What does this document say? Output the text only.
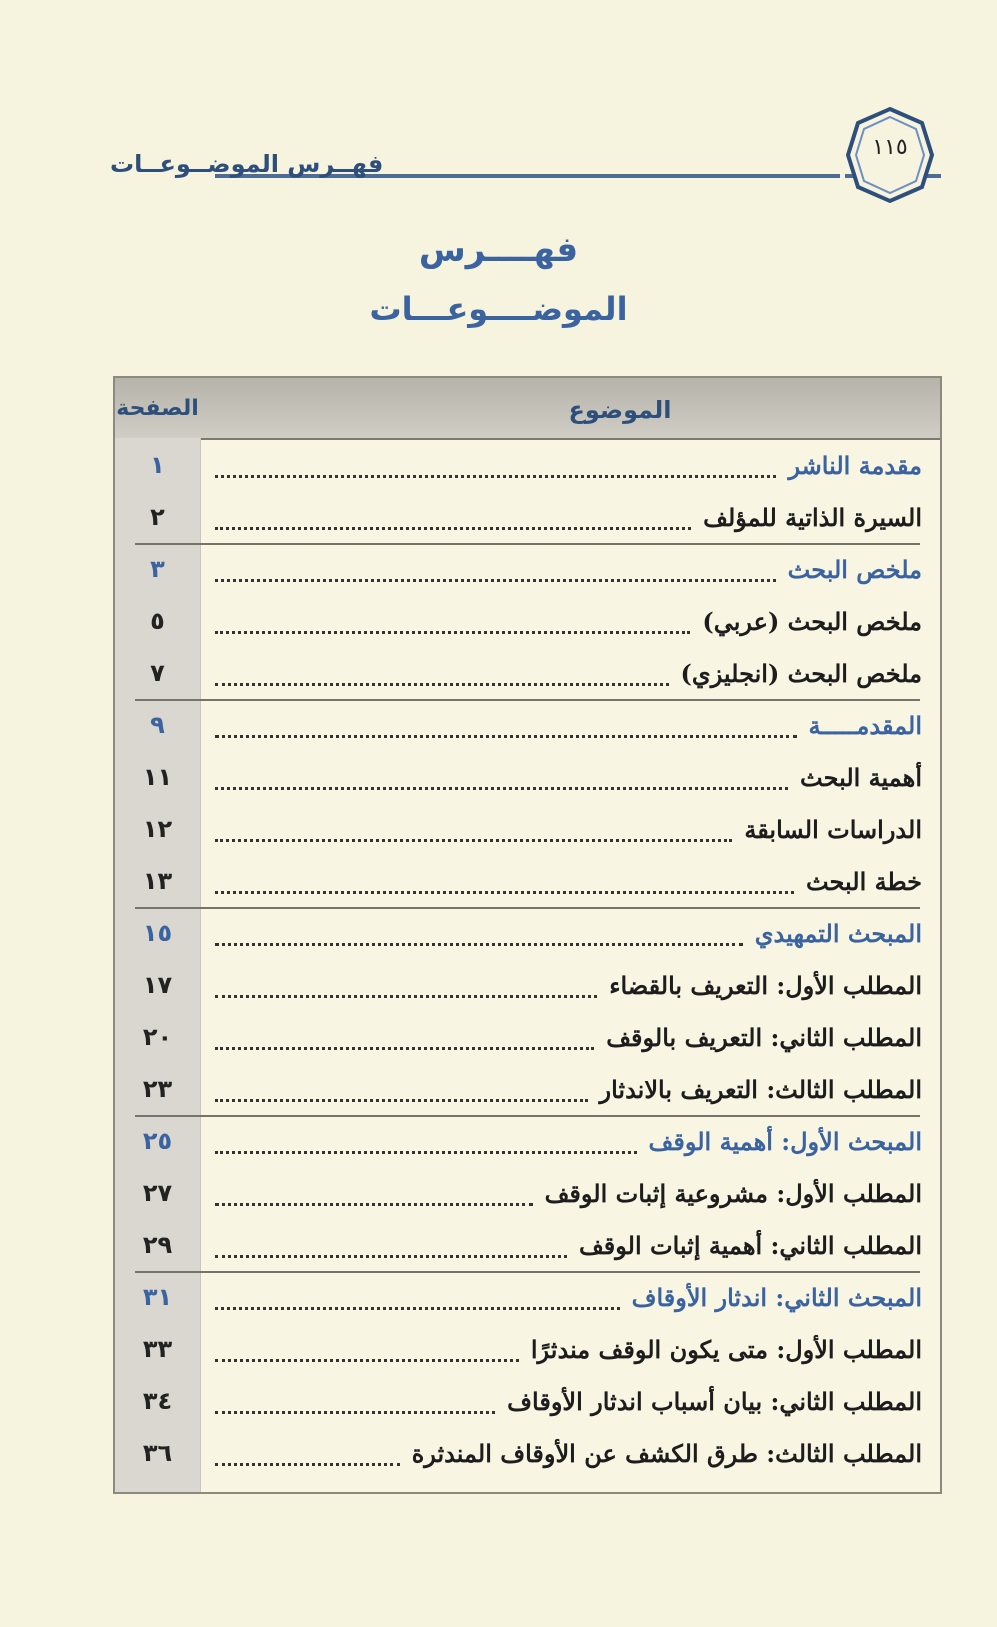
فهــرس الموضــوعــات
١١٥
فهــــرس
الموضــــوعـــات
الموضوع
الصفحة
١	مقدمة الناشر
٢	السيرة الذاتية للمؤلف
٣	ملخص البحث
٥	ملخص البحث (عربي)
٧	ملخص البحث (انجليزي)
٩	المقدمـــــة
١١	أهمية البحث
١٢	الدراسات السابقة
١٣	خطة البحث
١٥	المبحث التمهيدي
١٧	المطلب الأول: التعريف بالقضاء
٢٠	المطلب الثاني: التعريف بالوقف
٢٣	المطلب الثالث: التعريف بالاندثار
٢٥	المبحث الأول: أهمية الوقف
٢٧	المطلب الأول: مشروعية إثبات الوقف
٢٩	المطلب الثاني: أهمية إثبات الوقف
٣١	المبحث الثاني: اندثار الأوقاف
٣٣	المطلب الأول: متى يكون الوقف مندثرًا
٣٤	المطلب الثاني: بيان أسباب اندثار الأوقاف
٣٦	المطلب الثالث: طرق الكشف عن الأوقاف المندثرة
